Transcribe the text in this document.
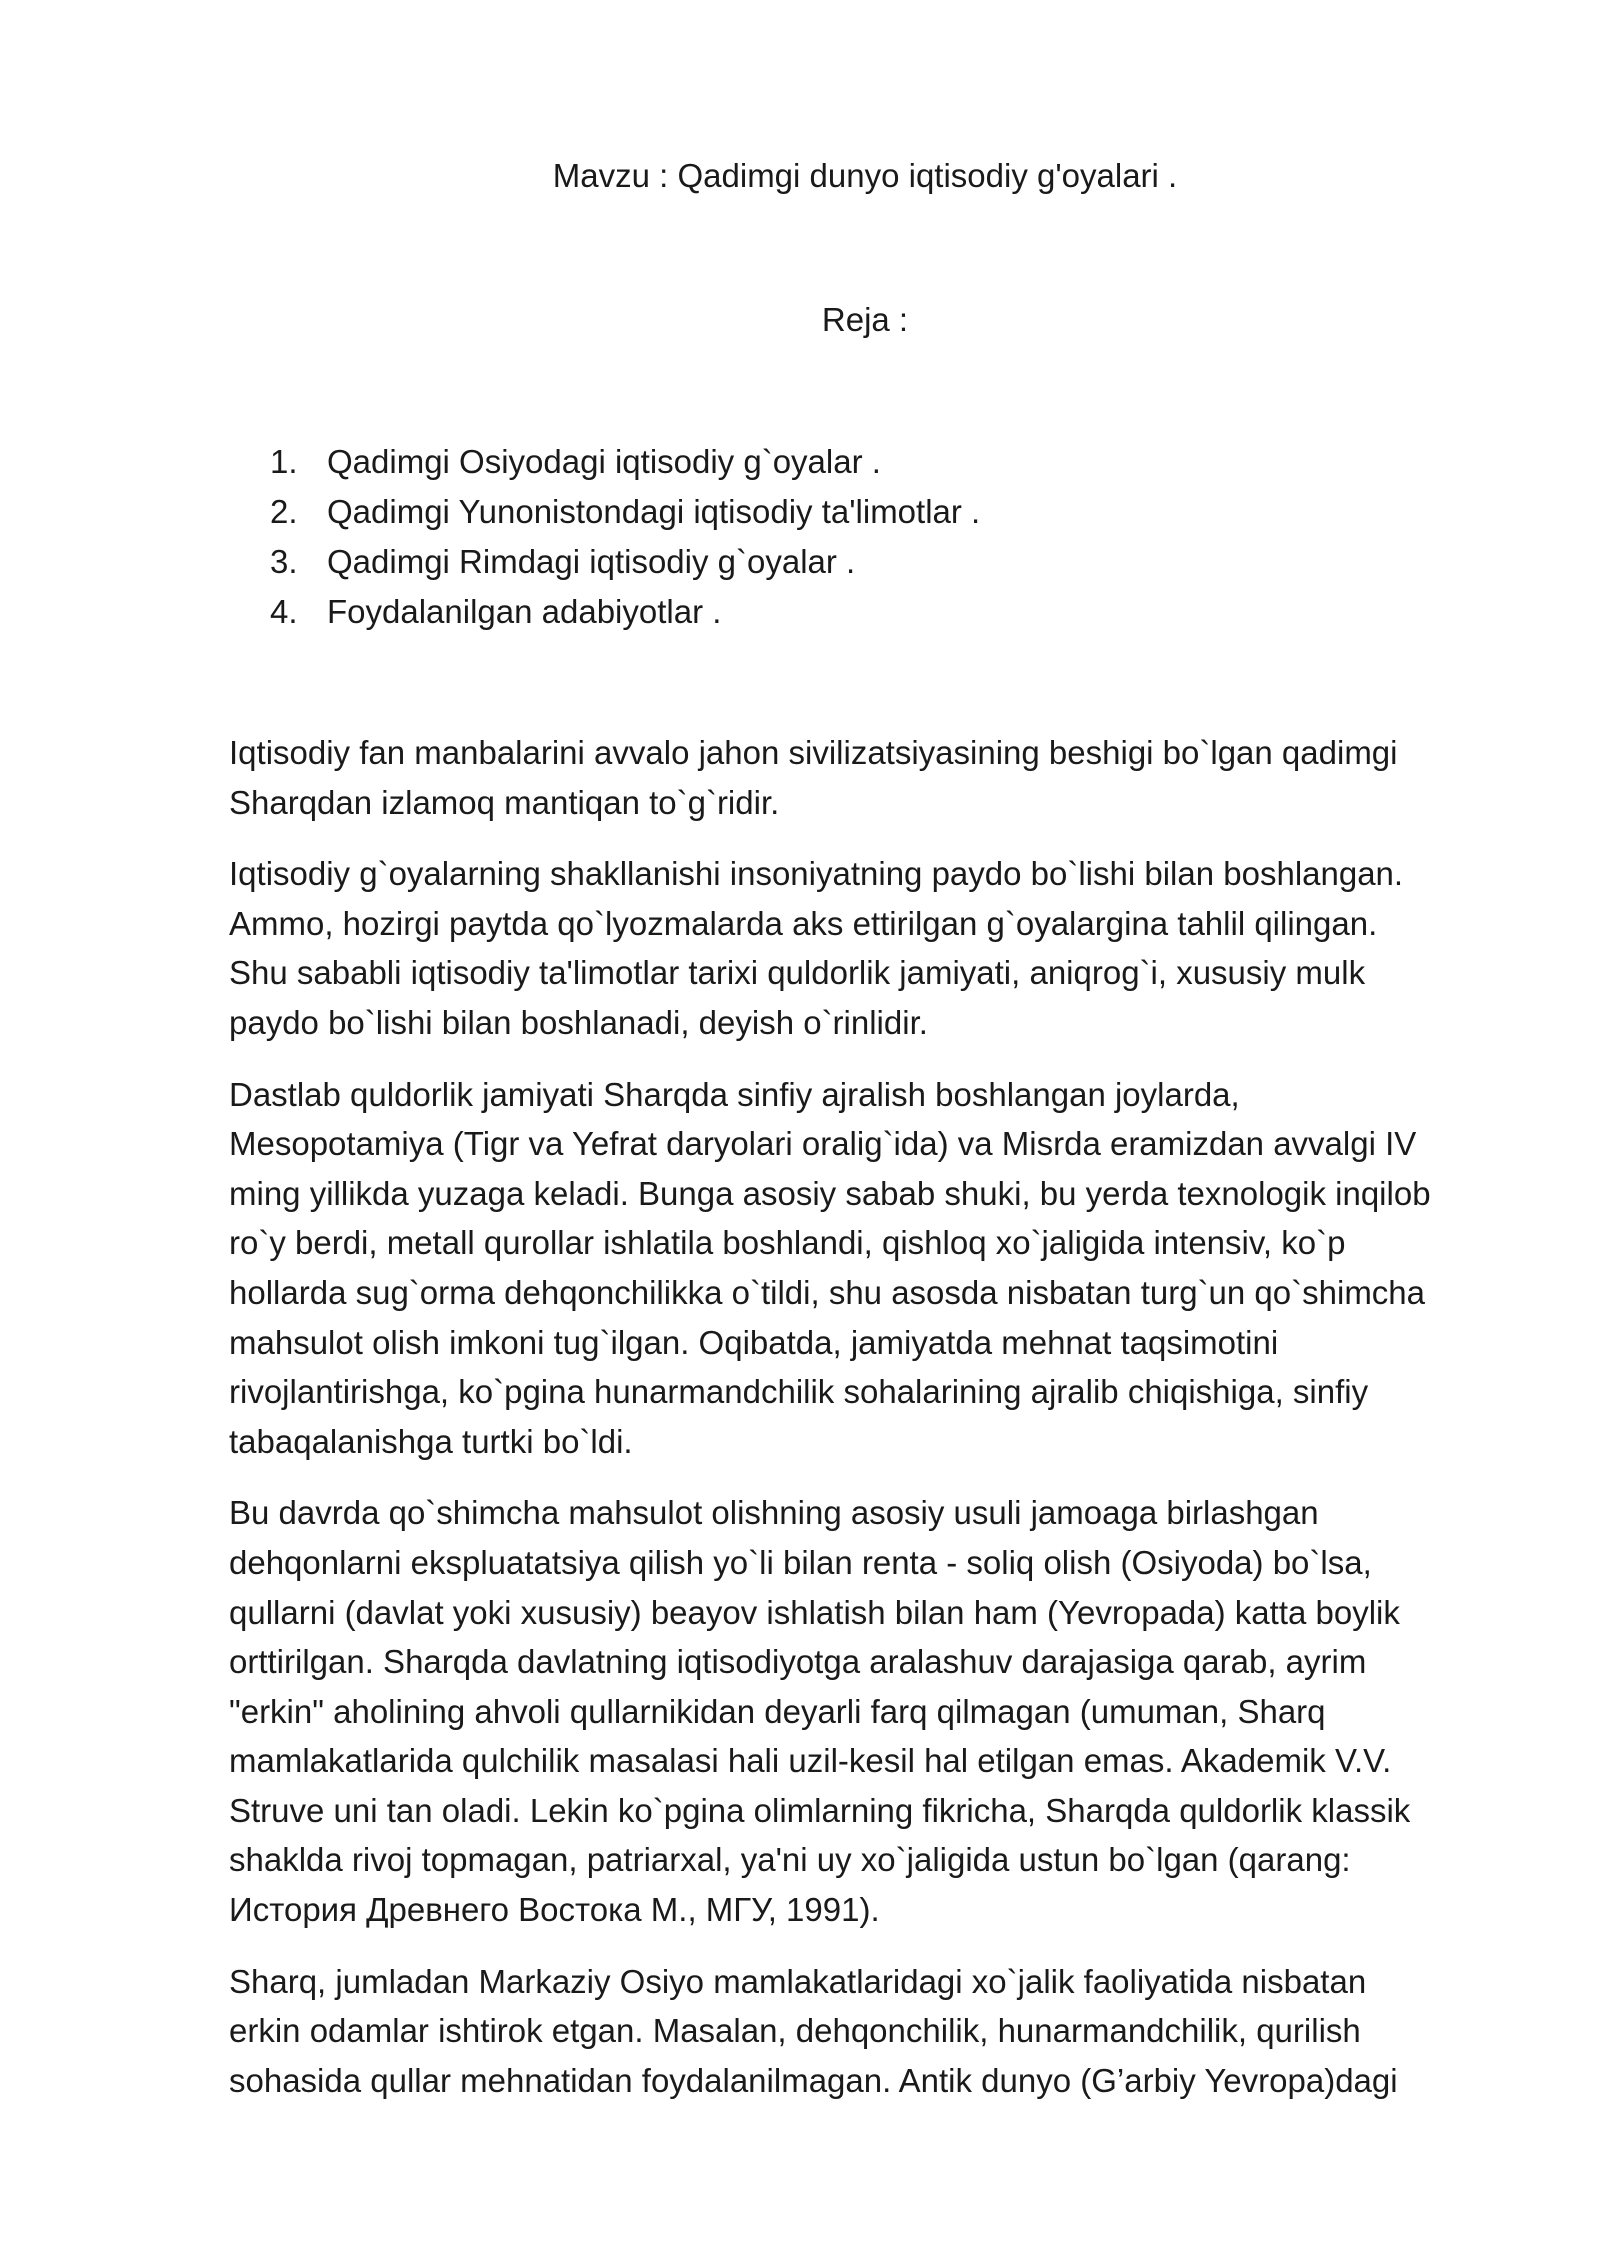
Mavzu : Qadimgi dunyo iqtisodiy g'oyalari .
Reja :
1. Qadimgi Osiyodagi iqtisodiy g`oyalar .
2. Qadimgi Yunonistondagi iqtisodiy ta'limotlar .
3. Qadimgi Rimdagi iqtisodiy g`oyalar .
4. Foydalanilgan adabiyotlar .

Iqtisodiy fan manbalarini avvalo jahon sivilizatsiyasining beshigi bo`lgan qadimgi
Sharqdan izlamoq mantiqan to`g`ridir.

Iqtisodiy g`oyalarning shakllanishi insoniyatning paydo bo`lishi bilan boshlangan.
Ammo, hozirgi paytda qo`lyozmalarda aks ettirilgan g`oyalargina tahlil qilingan.
Shu sababli iqtisodiy ta'limotlar tarixi quldorlik jamiyati, aniqrog`i, xususiy mulk
paydo bo`lishi bilan boshlanadi, deyish o`rinlidir.

Dastlab quldorlik jamiyati Sharqda sinfiy ajralish boshlangan joylarda,
Mesopotamiya (Tigr va Yefrat daryolari oralig`ida) va Misrda eramizdan avvalgi IV
ming yillikda yuzaga keladi. Bunga asosiy sabab shuki, bu yerda texnologik inqilob
ro`y berdi, metall qurollar ishlatila boshlandi, qishloq xo`jaligida intensiv, ko`p
hollarda sug`orma dehqonchilikka o`tildi, shu asosda nisbatan turg`un qo`shimcha
mahsulot olish imkoni tug`ilgan. Oqibatda, jamiyatda mehnat taqsimotini
rivojlantirishga, ko`pgina hunarmandchilik sohalarining ajralib chiqishiga, sinfiy
tabaqalanishga turtki bo`ldi.

Bu davrda qo`shimcha mahsulot olishning asosiy usuli jamoaga birlashgan
dehqonlarni ekspluatatsiya qilish yo`li bilan renta - soliq olish (Osiyoda) bo`lsa,
qullarni (davlat yoki xususiy) beayov ishlatish bilan ham (Yevropada) katta boylik
orttirilgan. Sharqda davlatning iqtisodiyotga aralashuv darajasiga qarab, ayrim
"erkin" aholining ahvoli qullarnikidan deyarli farq qilmagan (umuman, Sharq
mamlakatlarida qulchilik masalasi hali uzil-kesil hal etilgan emas. Akademik V.V.
Struve uni tan oladi. Lekin ko`pgina olimlarning fikricha, Sharqda quldorlik klassik
shaklda rivoj topmagan, patriarxal, ya'ni uy xo`jaligida ustun bo`lgan (qarang:
История Древнего Востока М., МГУ, 1991).

Sharq, jumladan Markaziy Osiyo mamlakatlaridagi xo`jalik faoliyatida nisbatan
erkin odamlar ishtirok etgan. Masalan, dehqonchilik, hunarmandchilik, qurilish
sohasida qullar mehnatidan foydalanilmagan. Antik dunyo (G’arbiy Yevropa)dagi
